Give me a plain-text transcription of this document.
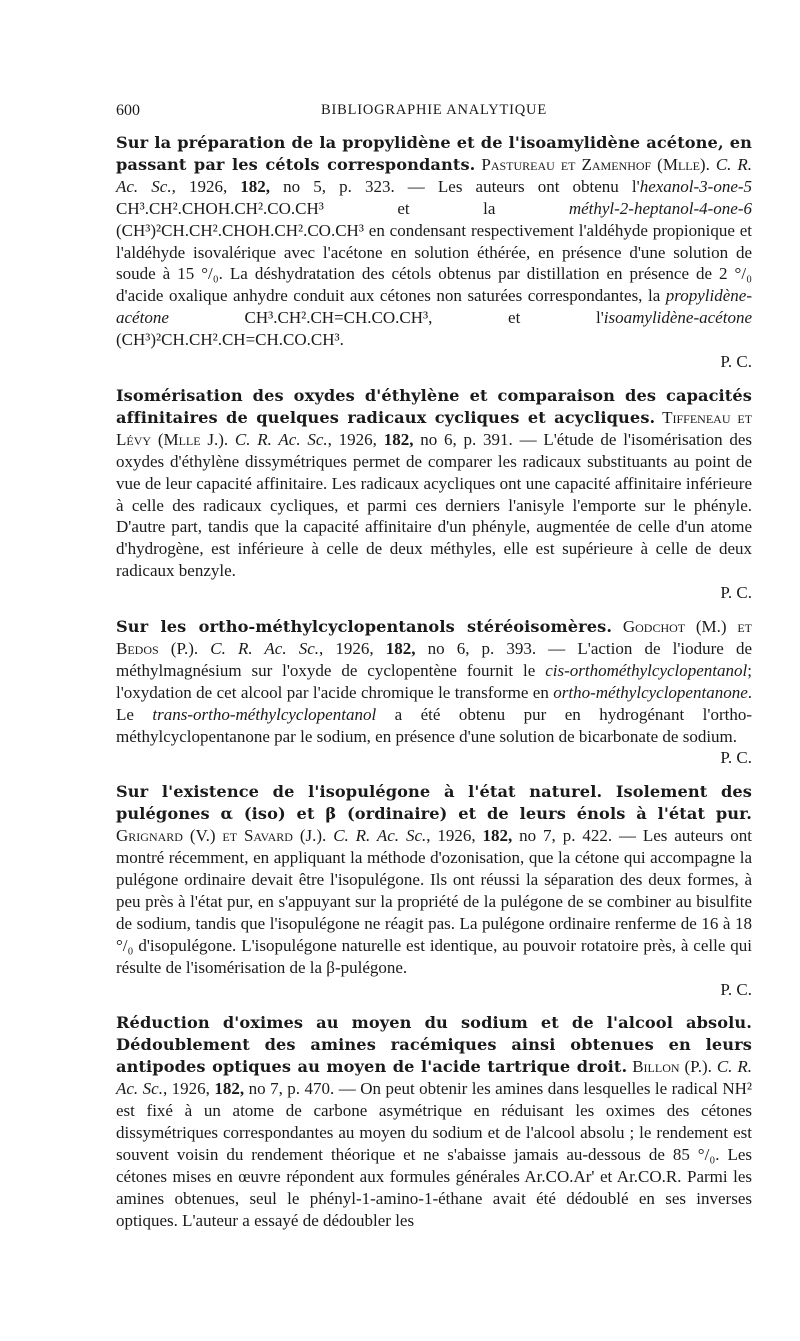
600	BIBLIOGRAPHIE ANALYTIQUE

Sur la préparation de la propylidène et de l'isoamylidène acétone, en passant par les cétols correspondants. Pastureau et Zamenhof (Mlle). C. R. Ac. Sc., 1926, 182, no 5, p. 323. — Les auteurs ont obtenu l'hexanol-3-one-5 CH³.CH².CHOH.CH².CO.CH³ et la méthyl-2-heptanol-4-one-6 (CH³)²CH.CH².CHOH.CH².CO.CH³ en condensant respectivement l'aldéhyde propionique et l'aldéhyde isovalérique avec l'acétone en solution éthérée, en présence d'une solution de soude à 15 °/₀. La déshydratation des cétols obtenus par distillation en présence de 2 °/₀ d'acide oxalique anhydre conduit aux cétones non saturées correspondantes, la propylidène-acétone CH³.CH².CH=CH.CO.CH³, et l'isoamylidène-acétone (CH³)²CH.CH².CH=CH.CO.CH³.

P. C.

Isomérisation des oxydes d'éthylène et comparaison des capacités affinitaires de quelques radicaux cycliques et acycliques. Tiffeneau et Lévy (Mlle J.). C. R. Ac. Sc., 1926, 182, no 6, p. 391. — L'étude de l'isomérisation des oxydes d'éthylène dissymétriques permet de comparer les radicaux substituants au point de vue de leur capacité affinitaire. Les radicaux acycliques ont une capacité affinitaire inférieure à celle des radicaux cycliques, et parmi ces derniers l'anisyle l'emporte sur le phényle. D'autre part, tandis que la capacité affinitaire d'un phényle, augmentée de celle d'un atome d'hydrogène, est inférieure à celle de deux méthyles, elle est supérieure à celle de deux radicaux benzyle.

P. C.

Sur les ortho-méthylcyclopentanols stéréoisomères. Godchot (M.) et Bedos (P.). C. R. Ac. Sc., 1926, 182, no 6, p. 393. — L'action de l'iodure de méthylmagnésium sur l'oxyde de cyclopentène fournit le cis-orthométhylcyclopentanol; l'oxydation de cet alcool par l'acide chromique le transforme en ortho-méthylcyclopentanone. Le trans-ortho-méthylcyclopentanol a été obtenu pur en hydrogénant l'ortho-méthylcyclopentanone par le sodium, en présence d'une solution de bicarbonate de sodium.

P. C.

Sur l'existence de l'isopulégone à l'état naturel. Isolement des pulégones α (iso) et β (ordinaire) et de leurs énols à l'état pur. Grignard (V.) et Savard (J.). C. R. Ac. Sc., 1926, 182, no 7, p. 422. — Les auteurs ont montré récemment, en appliquant la méthode d'ozonisation, que la cétone qui accompagne la pulégone ordinaire devait être l'isopulégone. Ils ont réussi la séparation des deux formes, à peu près à l'état pur, en s'appuyant sur la propriété de la pulégone de se combiner au bisulfite de sodium, tandis que l'isopulégone ne réagit pas. La pulégone ordinaire renferme de 16 à 18 °/₀ d'isopulégone. L'isopulégone naturelle est identique, au pouvoir rotatoire près, à celle qui résulte de l'isomérisation de la β-pulégone.

P. C.

Réduction d'oximes au moyen du sodium et de l'alcool absolu. Dédoublement des amines racémiques ainsi obtenues en leurs antipodes optiques au moyen de l'acide tartrique droit. Billon (P.). C. R. Ac. Sc., 1926, 182, no 7, p. 470. — On peut obtenir les amines dans lesquelles le radical NH² est fixé à un atome de carbone asymétrique en réduisant les oximes des cétones dissymétriques correspondantes au moyen du sodium et de l'alcool absolu ; le rendement est souvent voisin du rendement théorique et ne s'abaisse jamais au-dessous de 85 °/₀. Les cétones mises en œuvre répondent aux formules générales Ar.CO.Ar' et Ar.CO.R. Parmi les amines obtenues, seul le phényl-1-amino-1-éthane avait été dédoublé en ses inverses optiques. L'auteur a essayé de dédoubler les
